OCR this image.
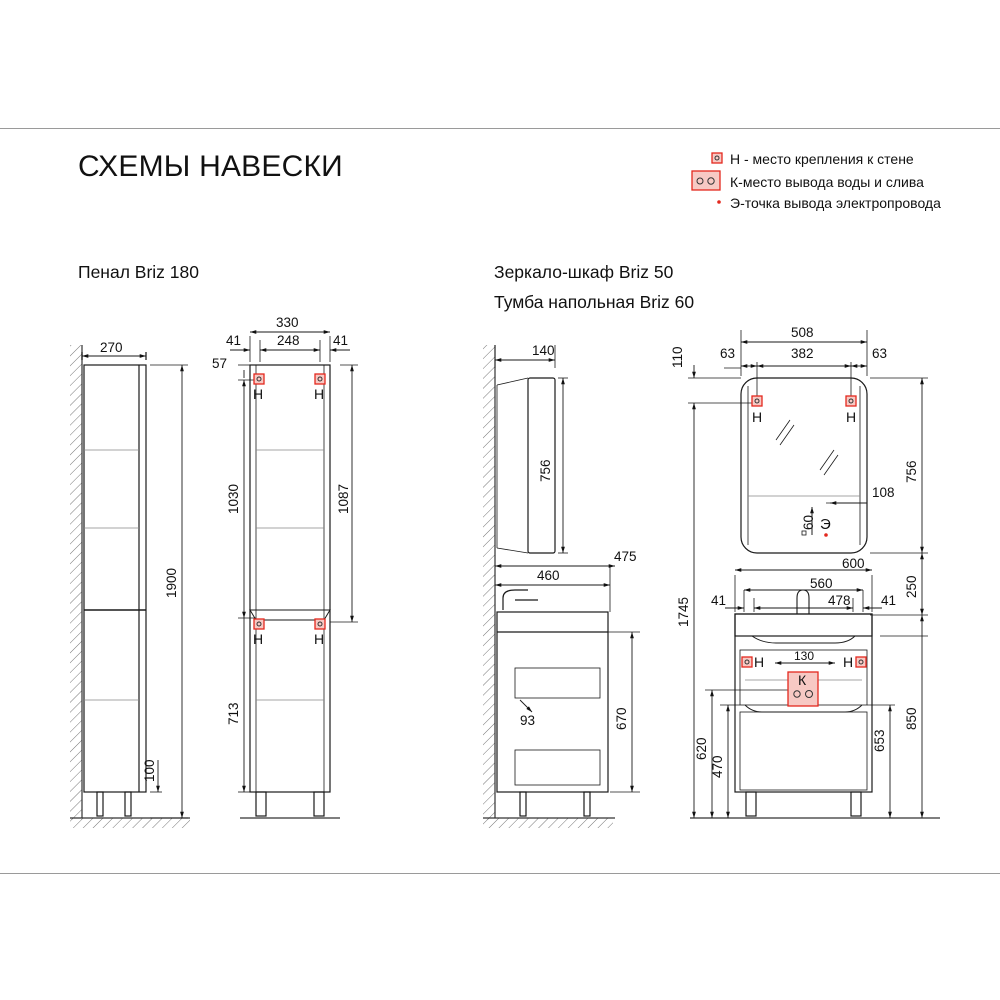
СХЕМЫ НАВЕСКИ	Н - место крепления к стене
К-место вывода воды и слива
Э-точка вывода электропровода
Пенал Briz 180	Зеркало-шкаф Briz 50
Тумба напольная Briz 60
270
1900
100
Н	Н
Н	Н
330
41	248 41
57
1030	1087
713
140
756
460
475
670
93
Н	Н
Н	Н
К
Э
508
63	382	63
110
756
108
60
250
600
560
41	478 41
130
1745
620
470
653
850
